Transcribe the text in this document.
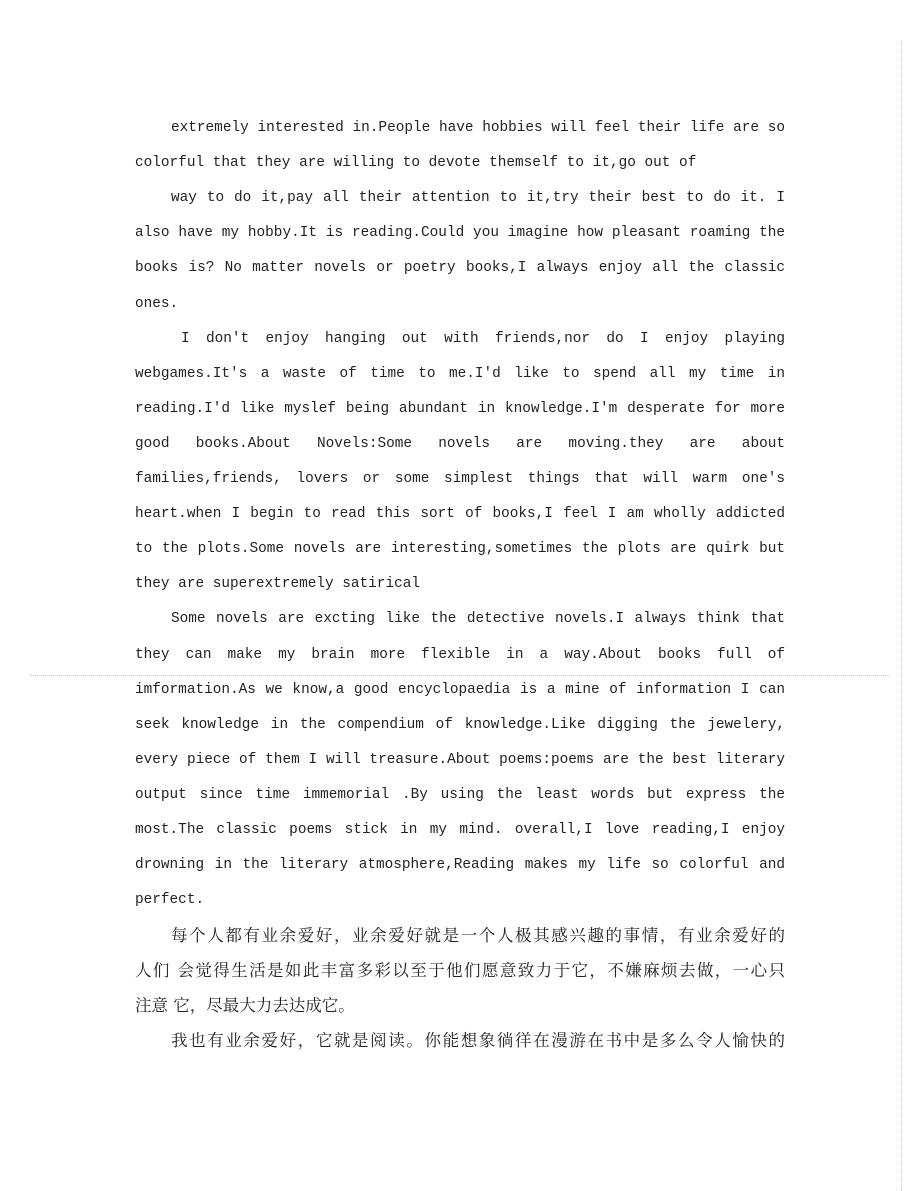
extremely interested in.People have hobbies will feel their life are so
colorful that they are willing to devote themself to it,go out of
way to do it,pay all their attention to it,try their best to do it. I
also have my hobby.It is reading.Could you imagine how pleasant roaming the
books is? No matter novels or poetry books,I always enjoy all the classic
ones.
I don't enjoy hanging out with friends,nor do I enjoy playing
webgames.It's a waste of time to me.I'd like to spend all my time in
reading.I'd like myslef being abundant in knowledge.I'm desperate for more
good books.About Novels:Some novels are moving.they are about
families,friends, lovers or some simplest things that will warm one's
heart.when I begin to read this sort of books,I feel I am wholly addicted
to the plots.Some novels are interesting,sometimes the plots are quirk but
they are superextremely satirical
Some novels are excting like the detective novels.I always think that
they can make my brain more flexible in a way.About books full of
imformation.As we know,a good encyclopaedia is a mine of information I can
seek knowledge in the compendium of knowledge.Like digging the jewelery,
every piece of them I will treasure.About poems:poems are the best literary
output since time immemorial .By using the least words but express the
most.The classic poems stick in my mind. overall,I love reading,I enjoy
drowning in the literary atmosphere,Reading makes my life so colorful and
perfect.
每个人都有业余爱好，业余爱好就是一个人极其感兴趣的事情，有业余爱好的
人们 会觉得生活是如此丰富多彩以至于他们愿意致力于它，不嫌麻烦去做，一心只
注意 它，尽最大力去达成它。
我也有业余爱好，它就是阅读。你能想象徜徉在漫游在书中是多么令人愉快的
